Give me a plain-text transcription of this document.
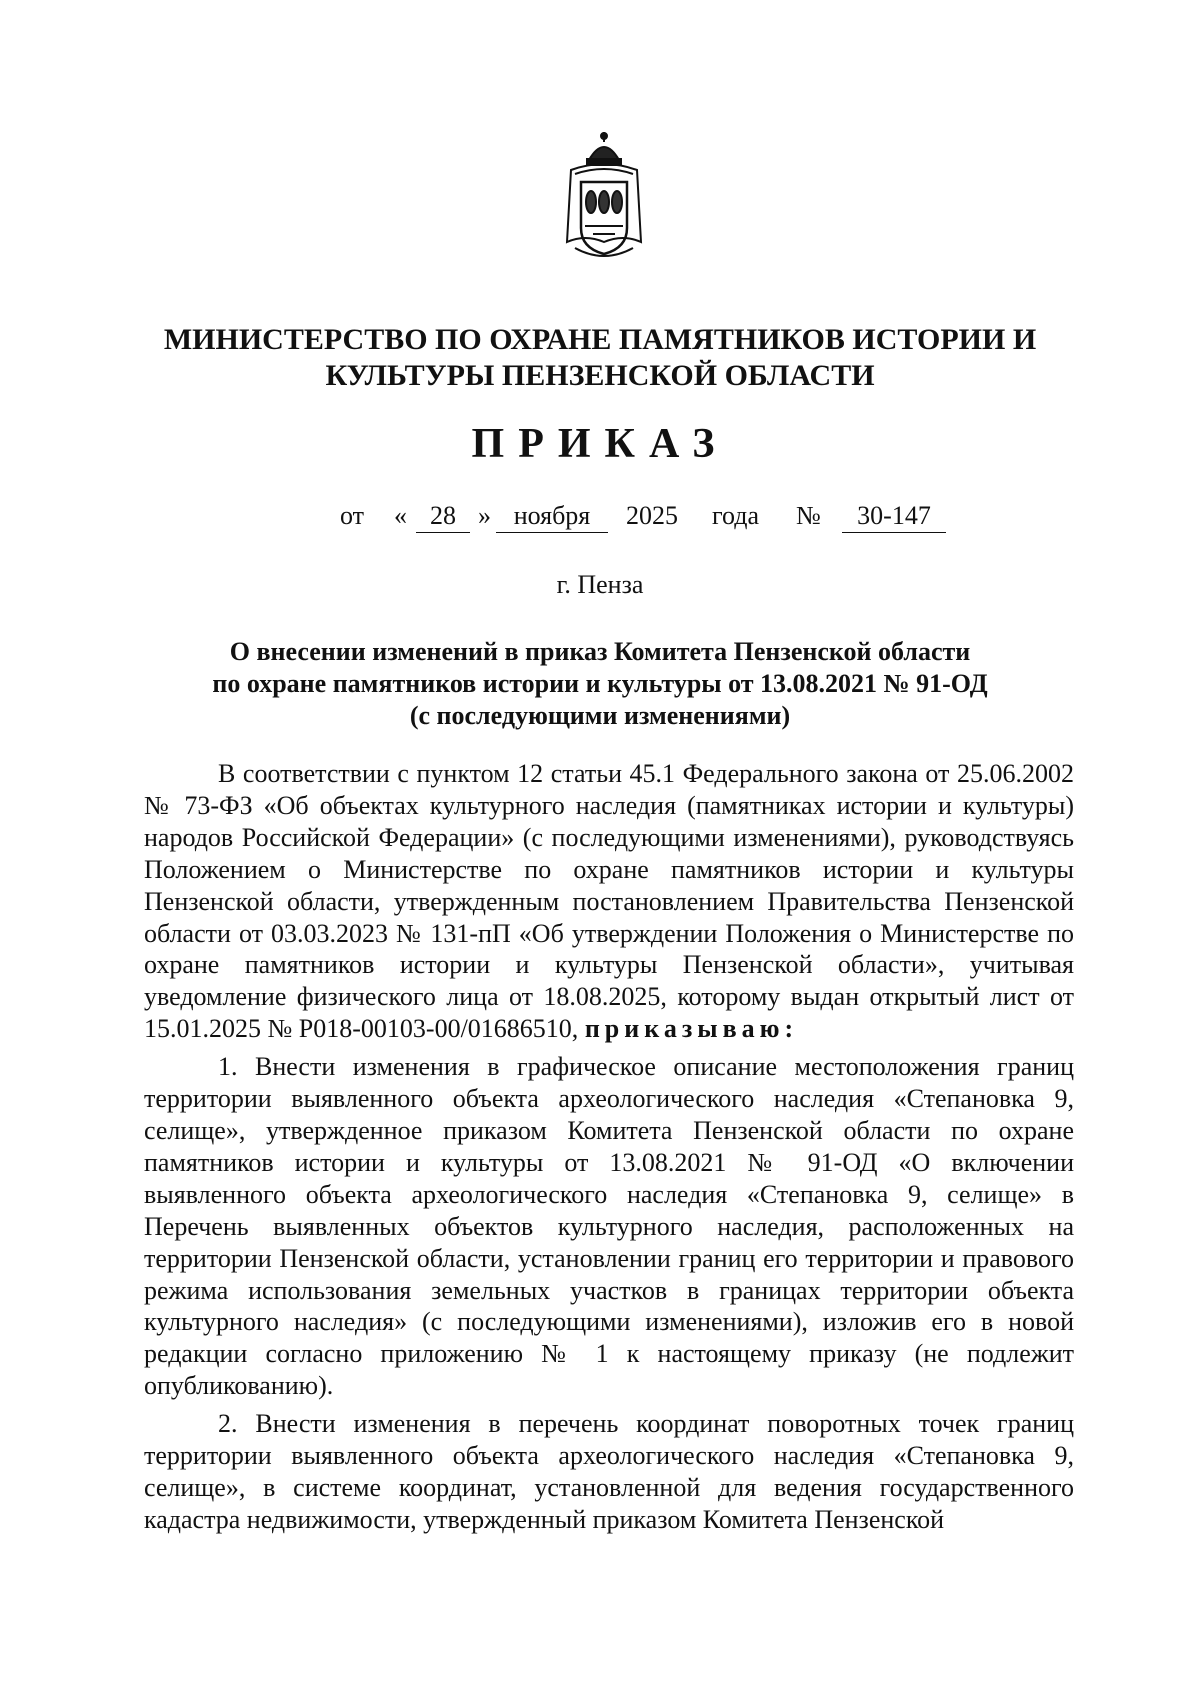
МИНИСТЕРСТВО ПО ОХРАНЕ ПАМЯТНИКОВ ИСТОРИИ И
КУЛЬТУРЫ ПЕНЗЕНСКОЙ ОБЛАСТИ
ПРИКАЗ
от « 28 » ноября	2025 года №	30-147
г. Пенза
О внесении изменений в приказ Комитета Пензенской области
по охране памятников истории и культуры от 13.08.2021 № 91-ОД
(с последующими изменениями)

В соответствии с пунктом 12 статьи 45.1 Федерального закона от 25.06.2002 № 73-ФЗ «Об объектах культурного наследия (памятниках истории и культуры) народов Российской Федерации» (с последующими изменениями), руководствуясь Положением о Министерстве по охране памятников истории и культуры Пензенской области, утвержденным постановлением Правительства Пензенской области от 03.03.2023 № 131-пП «Об утверждении Положения о Министерстве по охране памятников истории и культуры Пензенской области», учитывая уведомление физического лица от 18.08.2025, которому выдан открытый лист от 15.01.2025 № Р018-00103-00/01686510, приказываю:

1. Внести изменения в графическое описание местоположения границ территории выявленного объекта археологического наследия «Степановка 9, селище», утвержденное приказом Комитета Пензенской области по охране памятников истории и культуры от 13.08.2021 № 91-ОД «О включении выявленного объекта археологического наследия «Степановка 9, селище» в Перечень выявленных объектов культурного наследия, расположенных на территории Пензенской области, установлении границ его территории и правового режима использования земельных участков в границах территории объекта культурного наследия» (с последующими изменениями), изложив его в новой редакции согласно приложению № 1 к настоящему приказу (не подлежит опубликованию).

2. Внести изменения в перечень координат поворотных точек границ территории выявленного объекта археологического наследия «Степановка 9, селище», в системе координат, установленной для ведения государственного кадастра недвижимости, утвержденный приказом Комитета Пензенской
